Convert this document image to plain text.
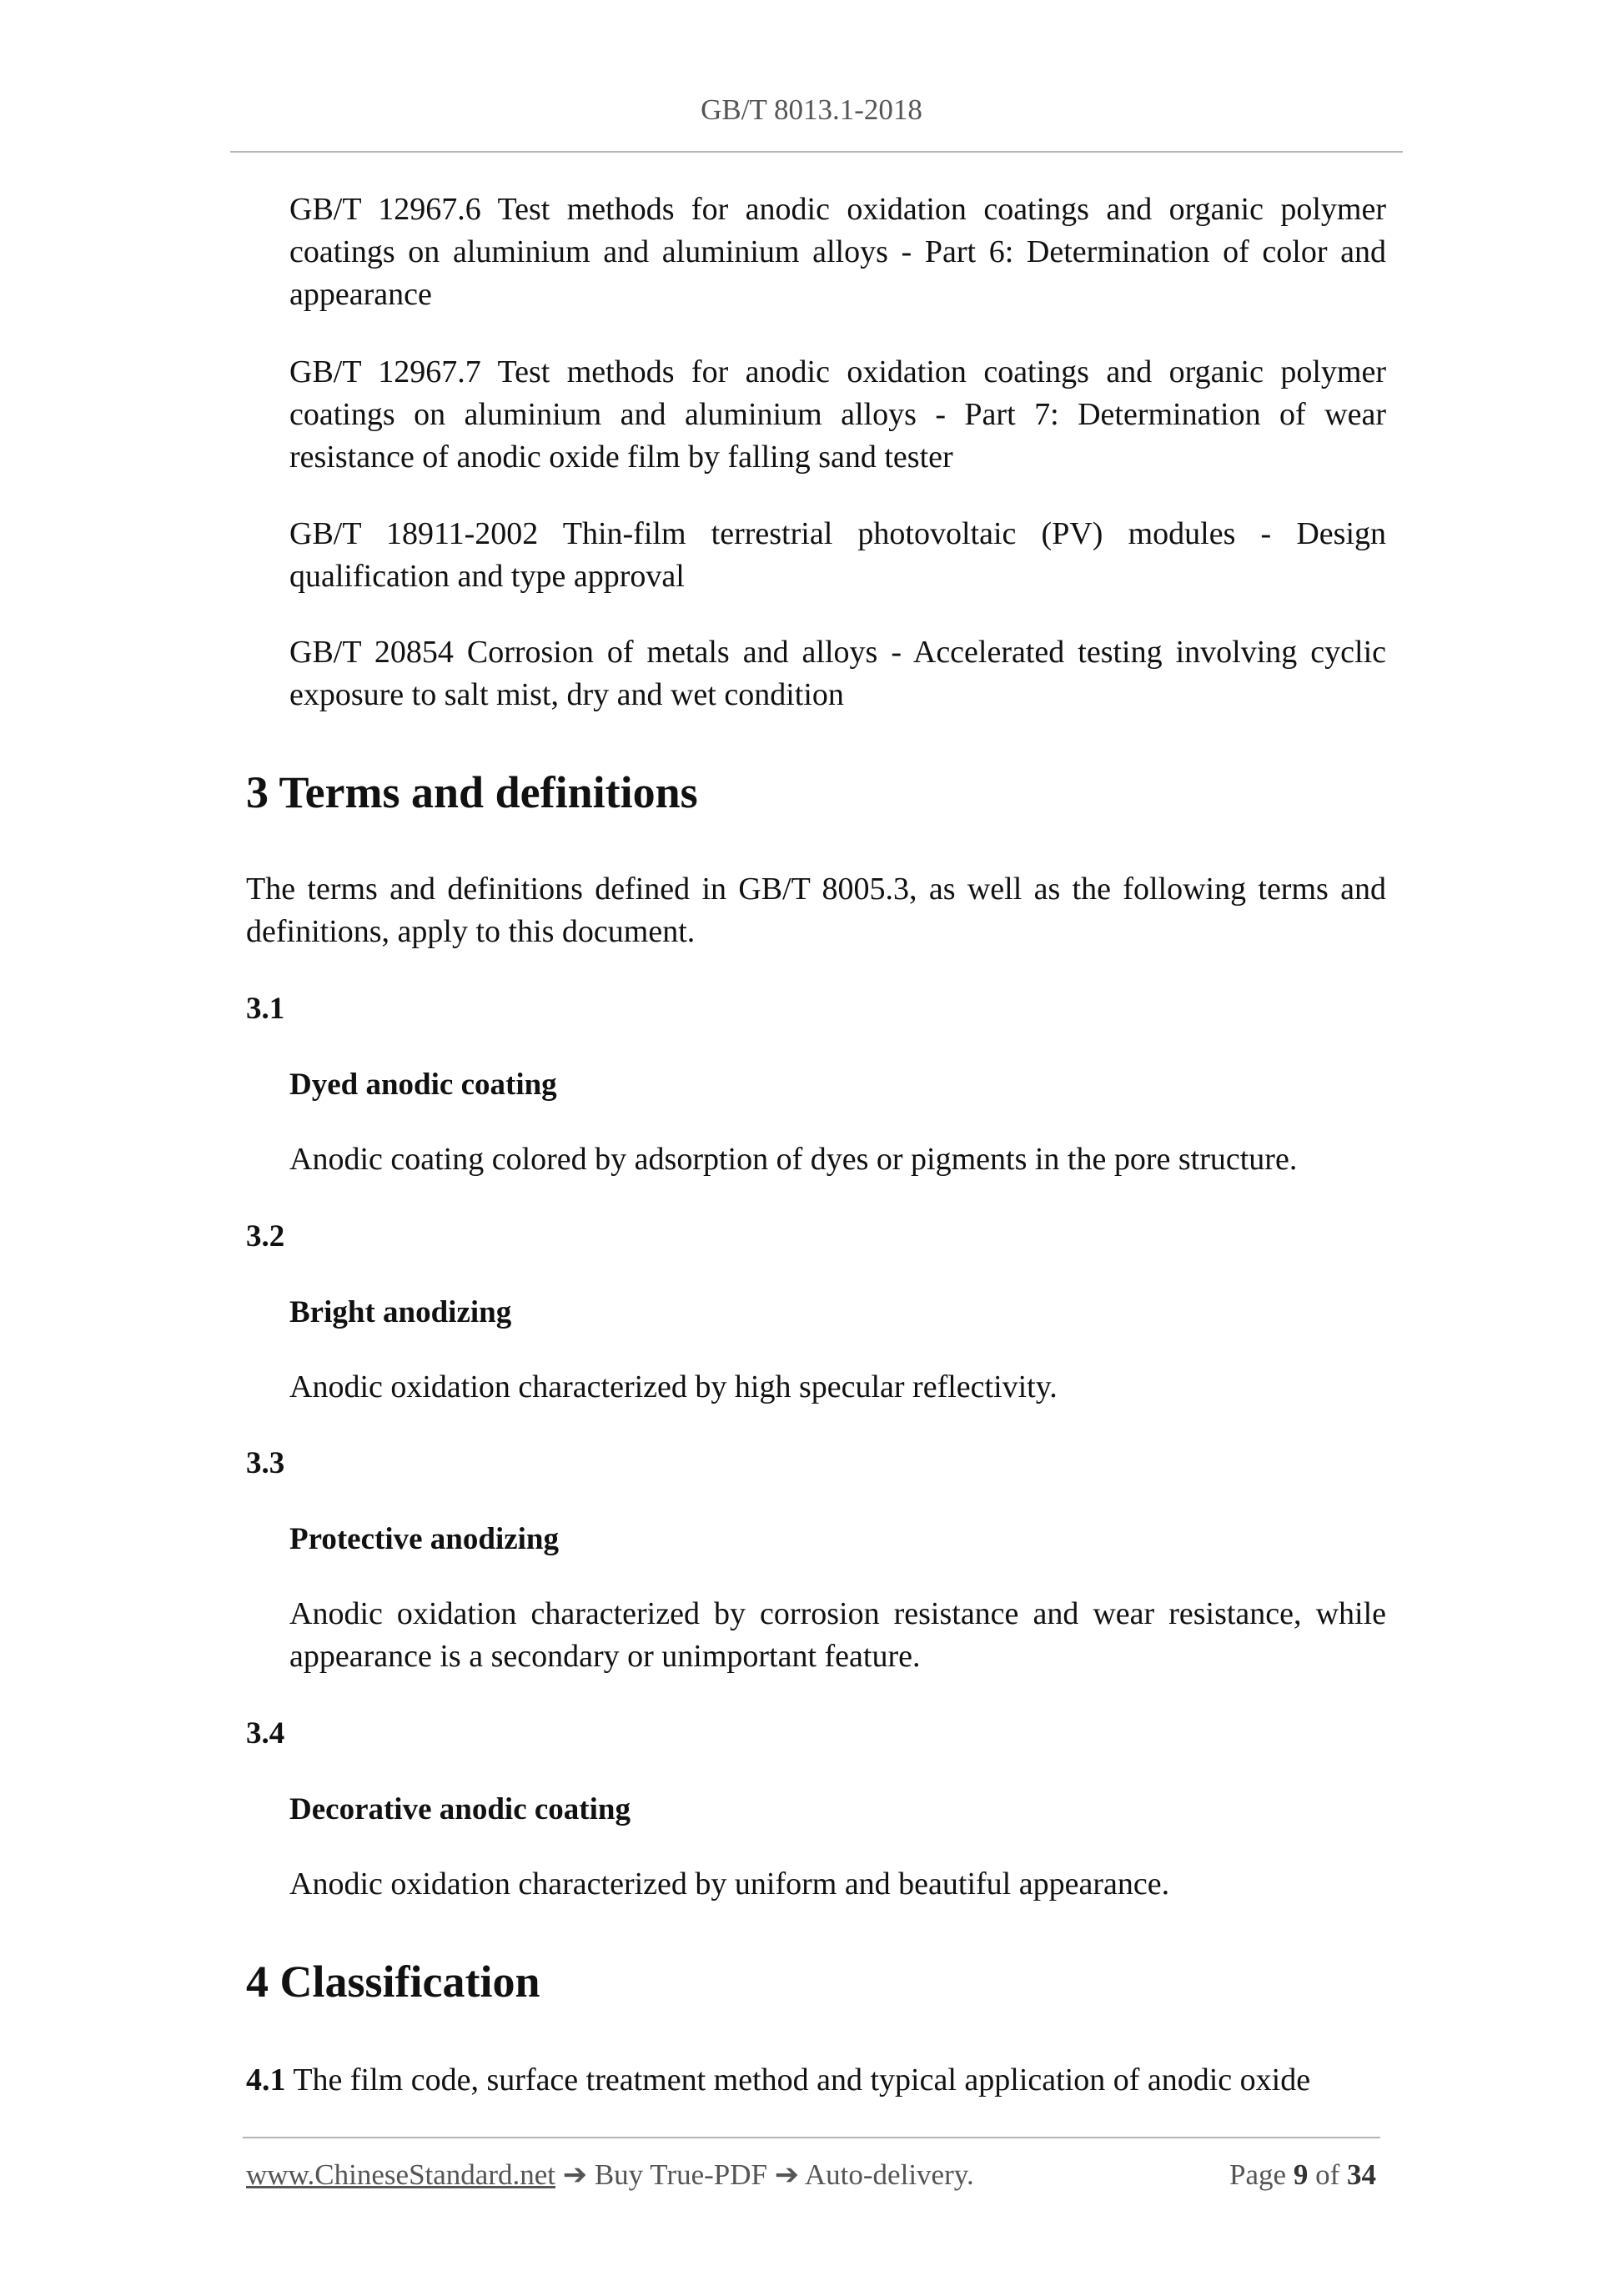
GB/T 8013.1-2018

GB/T 12967.6 Test methods for anodic oxidation coatings and organic polymer coatings on aluminium and aluminium alloys - Part 6: Determination of color and appearance

GB/T 12967.7 Test methods for anodic oxidation coatings and organic polymer coatings on aluminium and aluminium alloys - Part 7: Determination of wear resistance of anodic oxide film by falling sand tester

GB/T 18911-2002 Thin-film terrestrial photovoltaic (PV) modules - Design qualification and type approval

GB/T 20854 Corrosion of metals and alloys - Accelerated testing involving cyclic exposure to salt mist, dry and wet condition

3 Terms and definitions

The terms and definitions defined in GB/T 8005.3, as well as the following terms and definitions, apply to this document.

3.1
Dyed anodic coating

Anodic coating colored by adsorption of dyes or pigments in the pore structure.

3.2
Bright anodizing

Anodic oxidation characterized by high specular reflectivity.

3.3
Protective anodizing

Anodic oxidation characterized by corrosion resistance and wear resistance, while appearance is a secondary or unimportant feature.

3.4
Decorative anodic coating

Anodic oxidation characterized by uniform and beautiful appearance.

4 Classification

4.1 The film code, surface treatment method and typical application of anodic oxide

www.ChineseStandard.net ➔ Buy True-PDF ➔ Auto-delivery.	Page 9 of 34
